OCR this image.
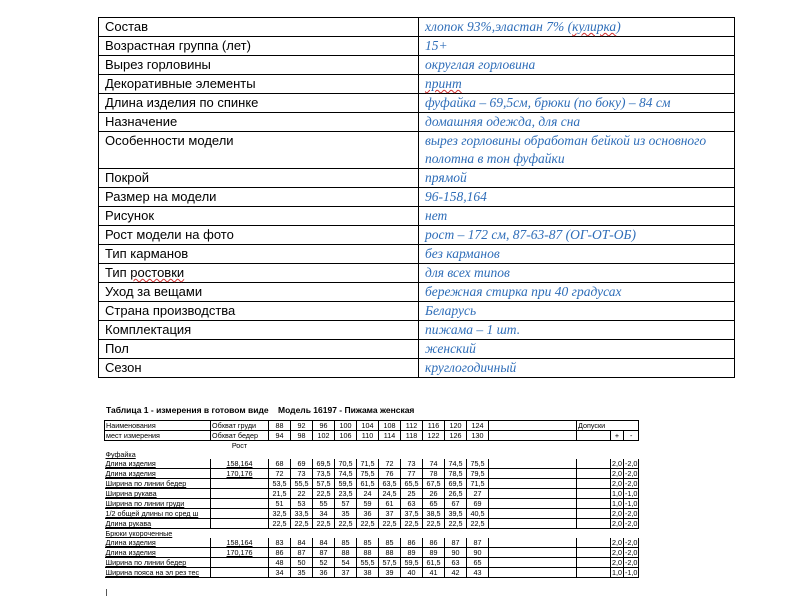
Состав	хлопок 93%,эластан 7% (кулирка)
Возрастная группа (лет)	15+
Вырез горловины	округлая горловина
Декоративные элементы	принт
Длина изделия по спинке	фуфайка – 69,5см, брюки (по боку) – 84 см
Назначение	домашняя одежда, для сна
Особенности модели	вырез горловины обработан бейкой из основного полотна в тон фуфайки
Покрой	прямой
Размер на модели	96-158,164
Рисунок	нет
Рост модели на фото	рост – 172 см, 87-63-87 (ОГ-ОТ-ОБ)
Тип карманов	без карманов
Тип ростовки	для всех типов
Уход за вещами	бережная стирка при 40 градусах
Страна производства	Беларусь
Комплектация	пижама – 1 шт.
Пол	женский
Сезон	круглогодичный
Таблица 1 - измерения в готовом виде    Модель 16197 - Пижама женская
Наименования	Обхват груди	88	92	96	100	104	108	112	116	120	124		Допуски		
мест измерения	Обхват бедер	94	98	102	106	110	114	118	122	126	130			+	-
	Рост														
Фуфайка															
Длина изделия	158,164	68	69	69,5	70,5	71,5	72	73	74	74,5	75,5			2,0	-2,0
Длина изделия	170,176	72	73	73,5	74,5	75,5	76	77	78	78,5	79,5			2,0	-2,0
Ширина по линии бедер		53,5	55,5	57,5	59,5	61,5	63,5	65,5	67,5	69,5	71,5			2,0	-2,0
Ширина рукава		21,5	22	22,5	23,5	24	24,5	25	26	26,5	27			1,0	-1,0
Ширина по линии груди		51	53	55	57	59	61	63	65	67	69			1,0	-1,0
1/2 общей длины по сред ш		32,5	33,5	34	35	36	37	37,5	38,5	39,5	40,5			2,0	-2,0
Длина рукава		22,5	22,5	22,5	22,5	22,5	22,5	22,5	22,5	22,5	22,5			2,0	-2,0
Брюки укороченные															
Длина изделия	158,164	83	84	84	85	85	85	86	86	87	87			2,0	-2,0
Длина изделия	170,176	86	87	87	88	88	88	89	89	90	90			2,0	-2,0
Ширина по линии бедер		48	50	52	54	55,5	57,5	59,5	61,5	63	65			2,0	-2,0
Ширина пояса на эл рез тес		34	35	36	37	38	39	40	41	42	43			1,0	-1,0
